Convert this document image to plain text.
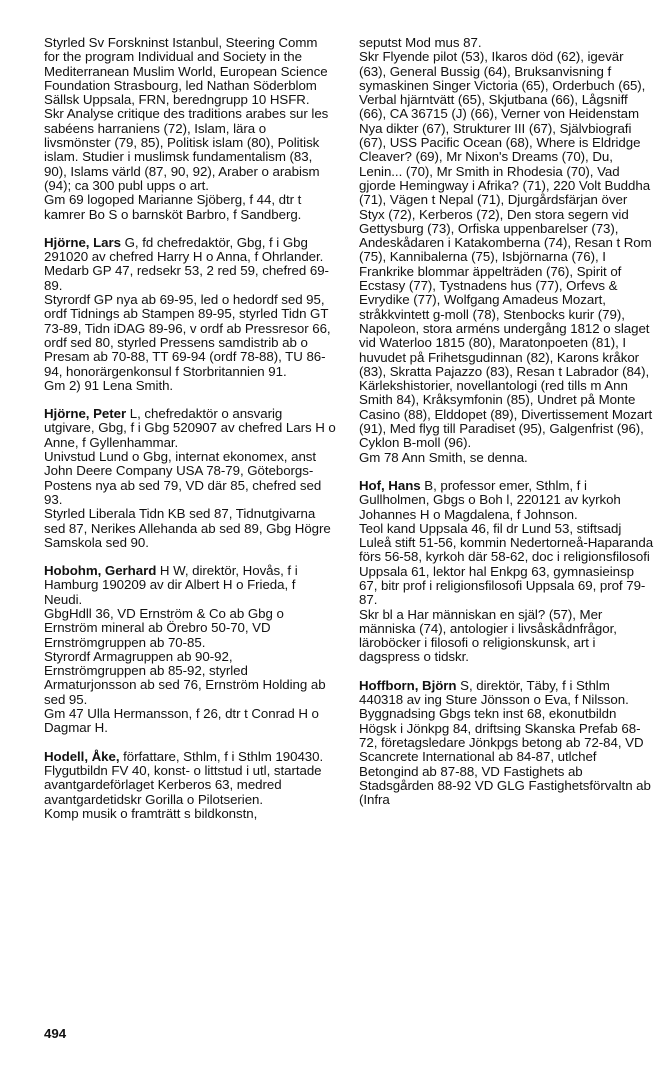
Styrled Sv Forskninst Istanbul, Steering Comm for the program Individual and Society in the Mediterranean Muslim World, European Science Foundation Strasbourg, led Nathan Söderblom Sällsk Uppsala, FRN, beredngrupp 10 HSFR.

Skr Analyse critique des traditions arabes sur les sabéens harraniens (72), Islam, lära o livsmönster (79, 85), Politisk islam (80), Politisk islam. Studier i muslimsk fundamentalism (83, 90), Islams värld (87, 90, 92), Araber o arabism (94); ca 300 publ upps o art.

Gm 69 logoped Marianne Sjöberg, f 44, dtr t kamrer Bo S o barnsköt Barbro, f Sandberg.

Hjörne, Lars G, fd chefredaktör, Gbg, f i Gbg 291020 av chefred Harry H o Anna, f Ohrlander.

Medarb GP 47, redsekr 53, 2 red 59, chefred 69-89.

Styrordf GP nya ab 69-95, led o hedordf sed 95, ordf Tidnings ab Stampen 89-95, styrled Tidn GT 73-89, Tidn iDAG 89-96, v ordf ab Pressresor 66, ordf sed 80, styrled Pressens samdistrib ab o Presam ab 70-88, TT 69-94 (ordf 78-88), TU 86-94, honorärgenkonsul f Storbritannien 91.

Gm 2) 91 Lena Smith.

Hjörne, Peter L, chefredaktör o ansvarig utgivare, Gbg, f i Gbg 520907 av chefred Lars H o Anne, f Gyllenhammar.

Univstud Lund o Gbg, internat ekonomex, anst John Deere Company USA 78-79, Göteborgs-Postens nya ab sed 79, VD där 85, chefred sed 93.

Styrled Liberala Tidn KB sed 87, Tidnutgivarna sed 87, Nerikes Allehanda ab sed 89, Gbg Högre Samskola sed 90.

Hobohm, Gerhard H W, direktör, Hovås, f i Hamburg 190209 av dir Albert H o Frieda, f Neudi.

GbgHdll 36, VD Ernström & Co ab Gbg o Ernström mineral ab Örebro 50-70, VD Ernströmgruppen ab 70-85.

Styrordf Armagruppen ab 90-92, Ernströmgruppen ab 85-92, styrled Armaturjonsson ab sed 76, Ernström Holding ab sed 95.

Gm 47 Ulla Hermansson, f 26, dtr t Conrad H o Dagmar H.

Hodell, Åke, författare, Sthlm, f i Sthlm 190430.

Flygutbildn FV 40, konst- o littstud i utl, startade avantgardeförlaget Kerberos 63, medred avantgardetidskr Gorilla o Pilotserien.

Komp musik o framträtt s bildkonstn,

seputst Mod mus 87.

Skr Flyende pilot (53), Ikaros död (62), igevär (63), General Bussig (64), Bruksanvisning f symaskinen Singer Victoria (65), Orderbuch (65), Verbal hjärntvätt (65), Skjutbana (66), Lågsniff (66), CA 36715 (J) (66), Verner von Heidenstam Nya dikter (67), Strukturer III (67), Självbiografi (67), USS Pacific Ocean (68), Where is Eldridge Cleaver? (69), Mr Nixon's Dreams (70), Du, Lenin... (70), Mr Smith in Rhodesia (70), Vad gjorde Hemingway i Afrika? (71), 220 Volt Buddha (71), Vägen t Nepal (71), Djurgårdsfärjan över Styx (72), Kerberos (72), Den stora segern vid Gettysburg (73), Orfiska uppenbarelser (73), Andeskådaren i Katakomberna (74), Resan t Rom (75), Kannibalerna (75), Isbjörnarna (76), I Frankrike blommar äppelträden (76), Spirit of Ecstasy (77), Tystnadens hus (77), Orfevs & Evrydike (77), Wolfgang Amadeus Mozart, stråkkvintett g-moll (78), Stenbocks kurir (79), Napoleon, stora arméns undergång 1812 o slaget vid Waterloo 1815 (80), Maratonpoeten (81), I huvudet på Frihetsgudinnan (82), Karons kråkor (83), Skratta Pajazzo (83), Resan t Labrador (84), Kärlekshistorier, novellantologi (red tills m Ann Smith 84), Kråksymfonin (85), Undret på Monte Casino (88), Elddopet (89), Divertissement Mozart (91), Med flyg till Paradiset (95), Galgenfrist (96), Cyklon B-moll (96).

Gm 78 Ann Smith, se denna.

Hof, Hans B, professor emer, Sthlm, f i Gullholmen, Gbgs o Boh l, 220121 av kyrkoh Johannes H o Magdalena, f Johnson.

Teol kand Uppsala 46, fil dr Lund 53, stiftsadj Luleå stift 51-56, kommin Nedertorneå-Haparanda förs 56-58, kyrkoh där 58-62, doc i religionsfilosofi Uppsala 61, lektor hal Enkpg 63, gymnasieinsp 67, bitr prof i religionsfilosofi Uppsala 69, prof 79-87.

Skr bl a Har människan en själ? (57), Mer människa (74), antologier i livsåskådnfrågor, läroböcker i filosofi o religionskunsk, art i dagspress o tidskr.

Hoffborn, Björn S, direktör, Täby, f i Sthlm 440318 av ing Sture Jönsson o Eva, f Nilsson.

Byggnadsing Gbgs tekn inst 68, ekonutbildn Högsk i Jönkpg 84, driftsing Skanska Prefab 68-72, företagsledare Jönkpgs betong ab 72-84, VD Scancrete International ab 84-87, utlchef Betongind ab 87-88, VD Fastighets ab Stadsgården 88-92 VD GLG Fastighetsförvaltn ab (Infra

494
